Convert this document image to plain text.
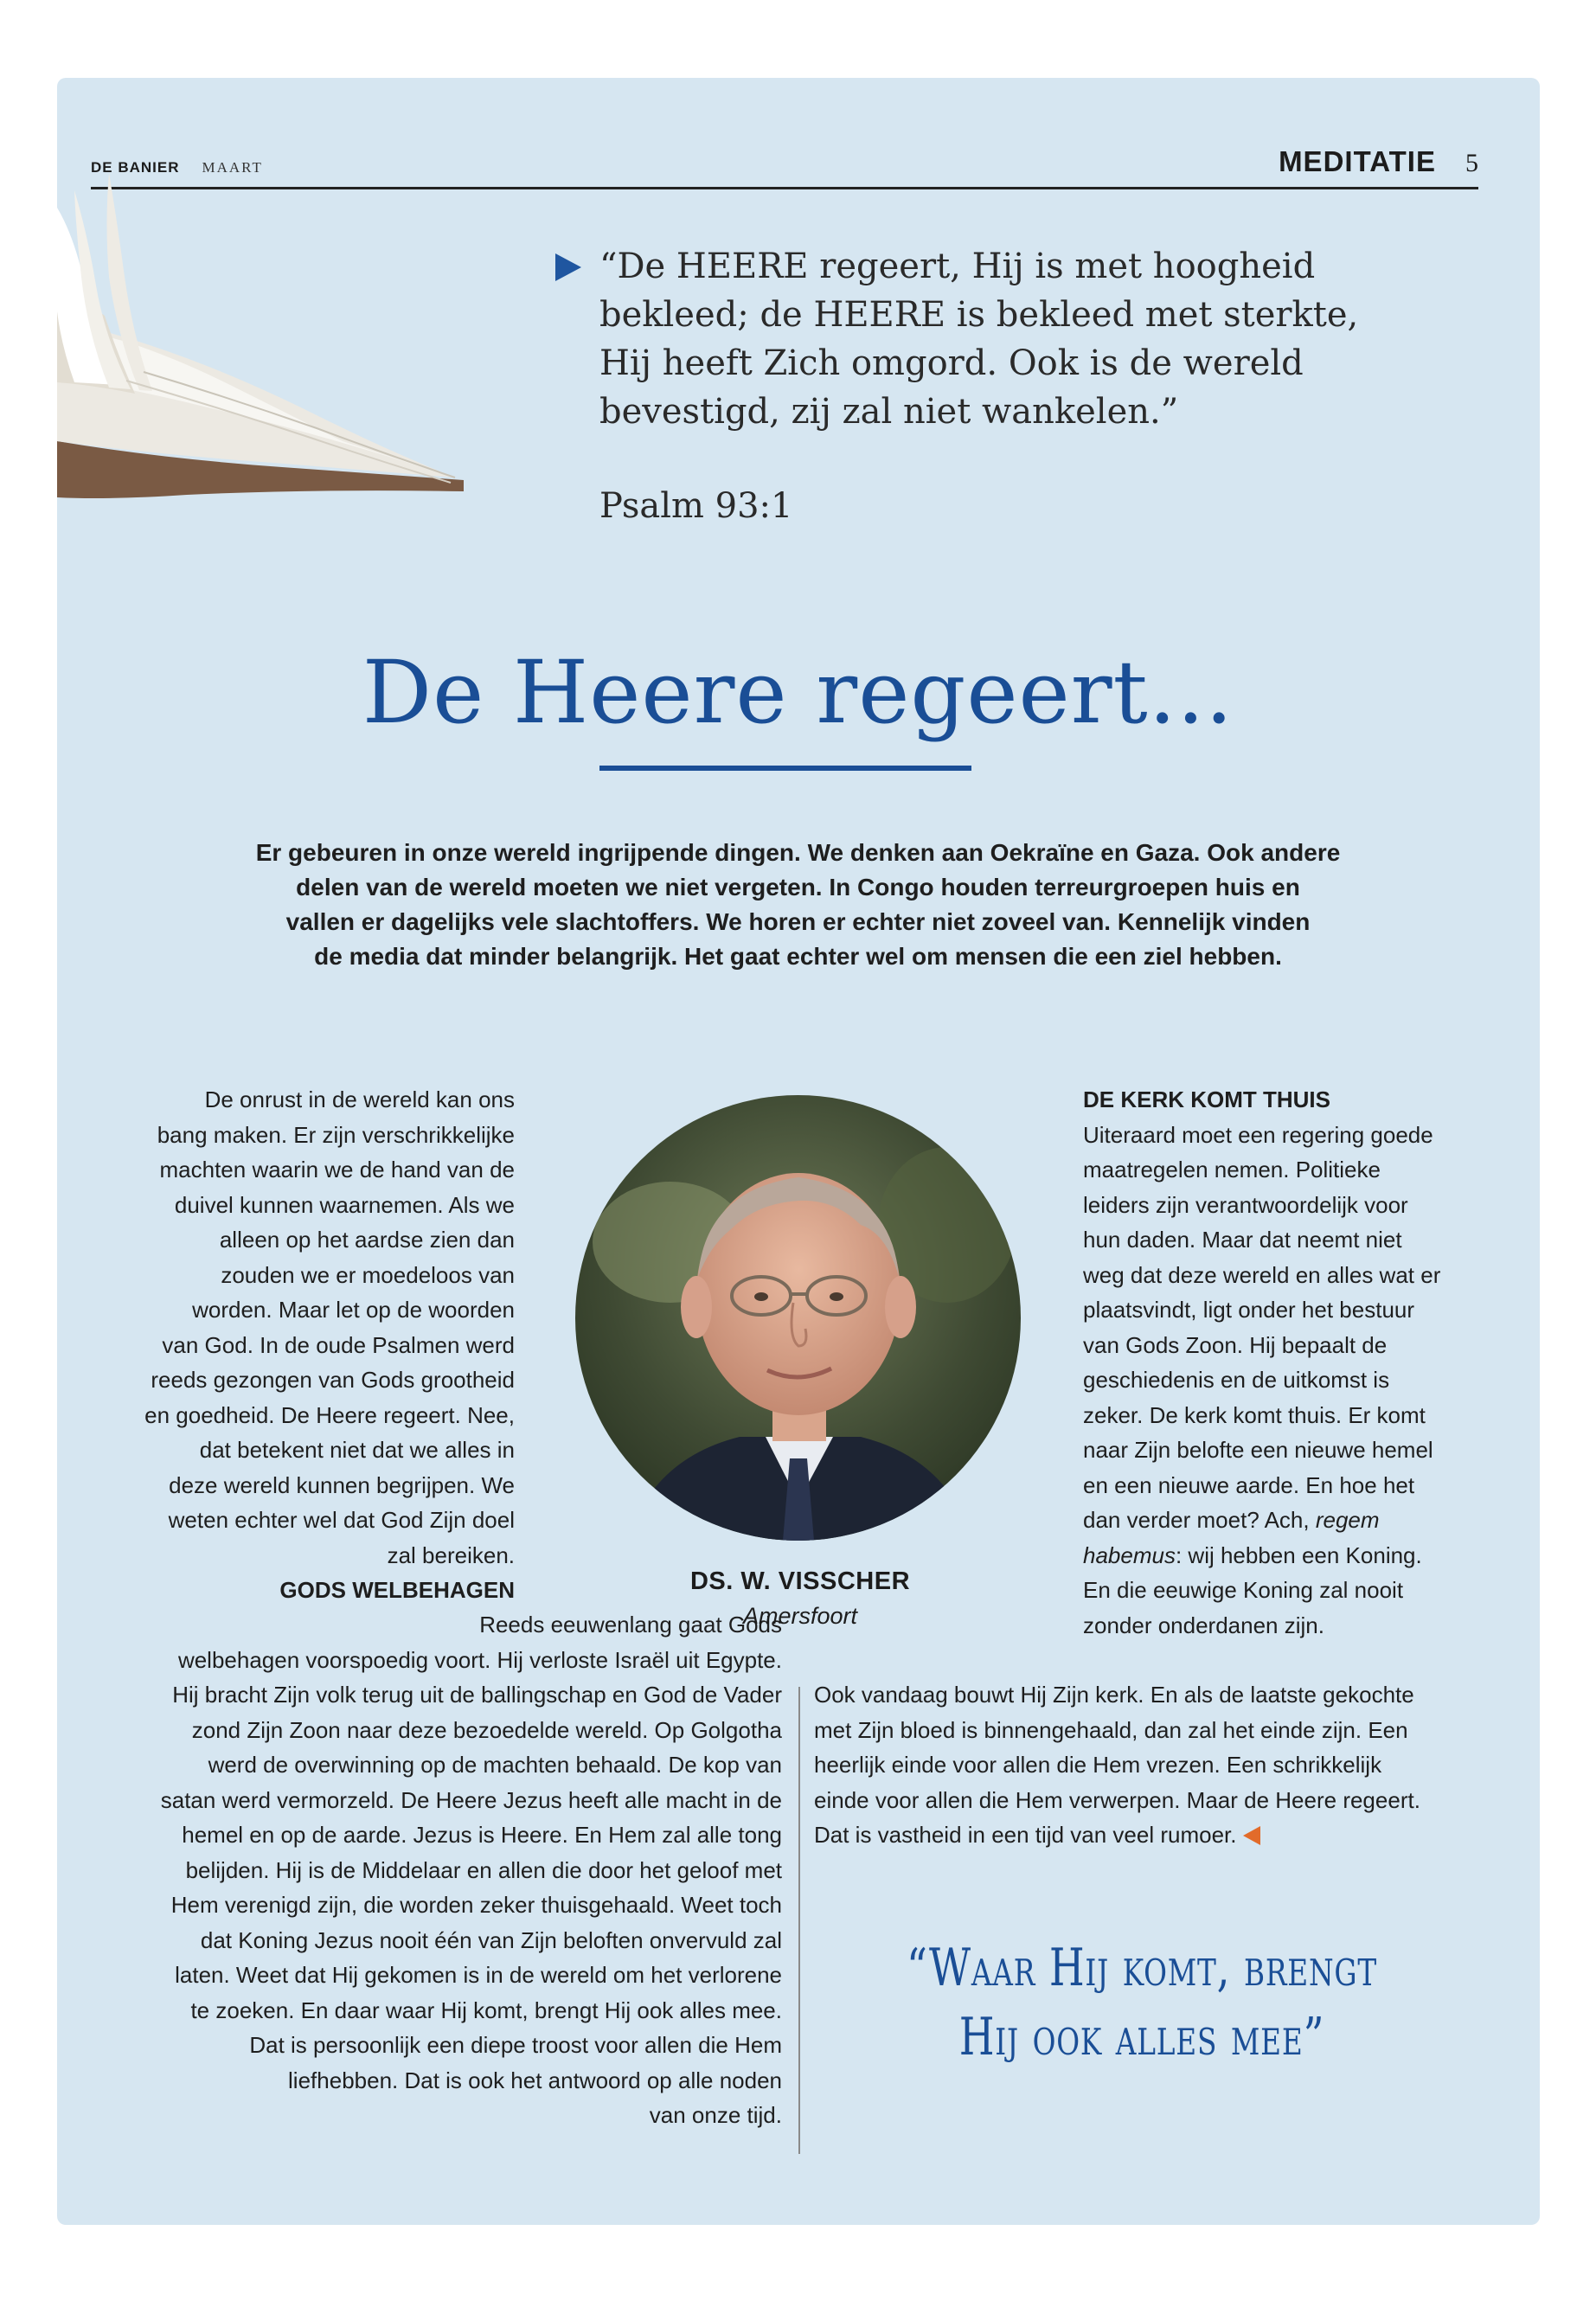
DE BANIER MAART	MEDITATIE 5

“De HEERE regeert, Hij is met hoogheid
bekleed; de HEERE is bekleed met sterkte,
Hij heeft Zich omgord. Ook is de wereld
bevestigd, zij zal niet wankelen.”

Psalm 93:1
De Heere regeert...

Er gebeuren in onze wereld ingrijpende dingen. We denken aan Oekraïne en Gaza. Ook andere
delen van de wereld moeten we niet vergeten. In Congo houden terreurgroepen huis en
vallen er dagelijks vele slachtoffers. We horen er echter niet zoveel van. Kennelijk vinden
de media dat minder belangrijk. Het gaat echter wel om mensen die een ziel hebben.

De onrust in de wereld kan ons
bang maken. Er zijn verschrikkelijke
machten waarin we de hand van de
duivel kunnen waarnemen. Als we
alleen op het aardse zien dan
zouden we er moedeloos van
worden. Maar let op de woorden
van God. In de oude Psalmen werd
reeds gezongen van Gods grootheid
en goedheid. De Heere regeert. Nee,
dat betekent niet dat we alles in
deze wereld kunnen begrijpen. We
weten echter wel dat God Zijn doel
zal bereiken.
GODS WELBEHAGEN

Reeds eeuwenlang gaat Gods
welbehagen voorspoedig voort. Hij verloste Israël uit Egypte.
Hij bracht Zijn volk terug uit de ballingschap en God de Vader
zond Zijn Zoon naar deze bezoedelde wereld. Op Golgotha
werd de overwinning op de machten behaald. De kop van
satan werd vermorzeld. De Heere Jezus heeft alle macht in de
hemel en op de aarde. Jezus is Heere. En Hem zal alle tong
belijden. Hij is de Middelaar en allen die door het geloof met
Hem verenigd zijn, die worden zeker thuisgehaald. Weet toch
dat Koning Jezus nooit één van Zijn beloften onvervuld zal
laten. Weet dat Hij gekomen is in de wereld om het verlorene
te zoeken. En daar waar Hij komt, brengt Hij ook alles mee.
Dat is persoonlijk een diepe troost voor allen die Hem
liefhebben. Dat is ook het antwoord op alle noden
van onze tijd.

DS. W. VISSCHER
Amersfoort

DE KERK KOMT THUIS
Uiteraard moet een regering goede
maatregelen nemen. Politieke
leiders zijn verantwoordelijk voor
hun daden. Maar dat neemt niet
weg dat deze wereld en alles wat er
plaatsvindt, ligt onder het bestuur
van Gods Zoon. Hij bepaalt de
geschiedenis en de uitkomst is
zeker. De kerk komt thuis. Er komt
naar Zijn belofte een nieuwe hemel
en een nieuwe aarde. En hoe het
dan verder moet? Ach, regem
habemus: wij hebben een Koning.
En die eeuwige Koning zal nooit
zonder onderdanen zijn.

Ook vandaag bouwt Hij Zijn kerk. En als de laatste gekochte
met Zijn bloed is binnengehaald, dan zal het einde zijn. Een
heerlijk einde voor allen die Hem vrezen. Een schrikkelijk
einde voor allen die Hem verwerpen. Maar de Heere regeert.
Dat is vastheid in een tijd van veel rumoer.

“Waar Hij komt, brengt
Hij ook alles mee”
